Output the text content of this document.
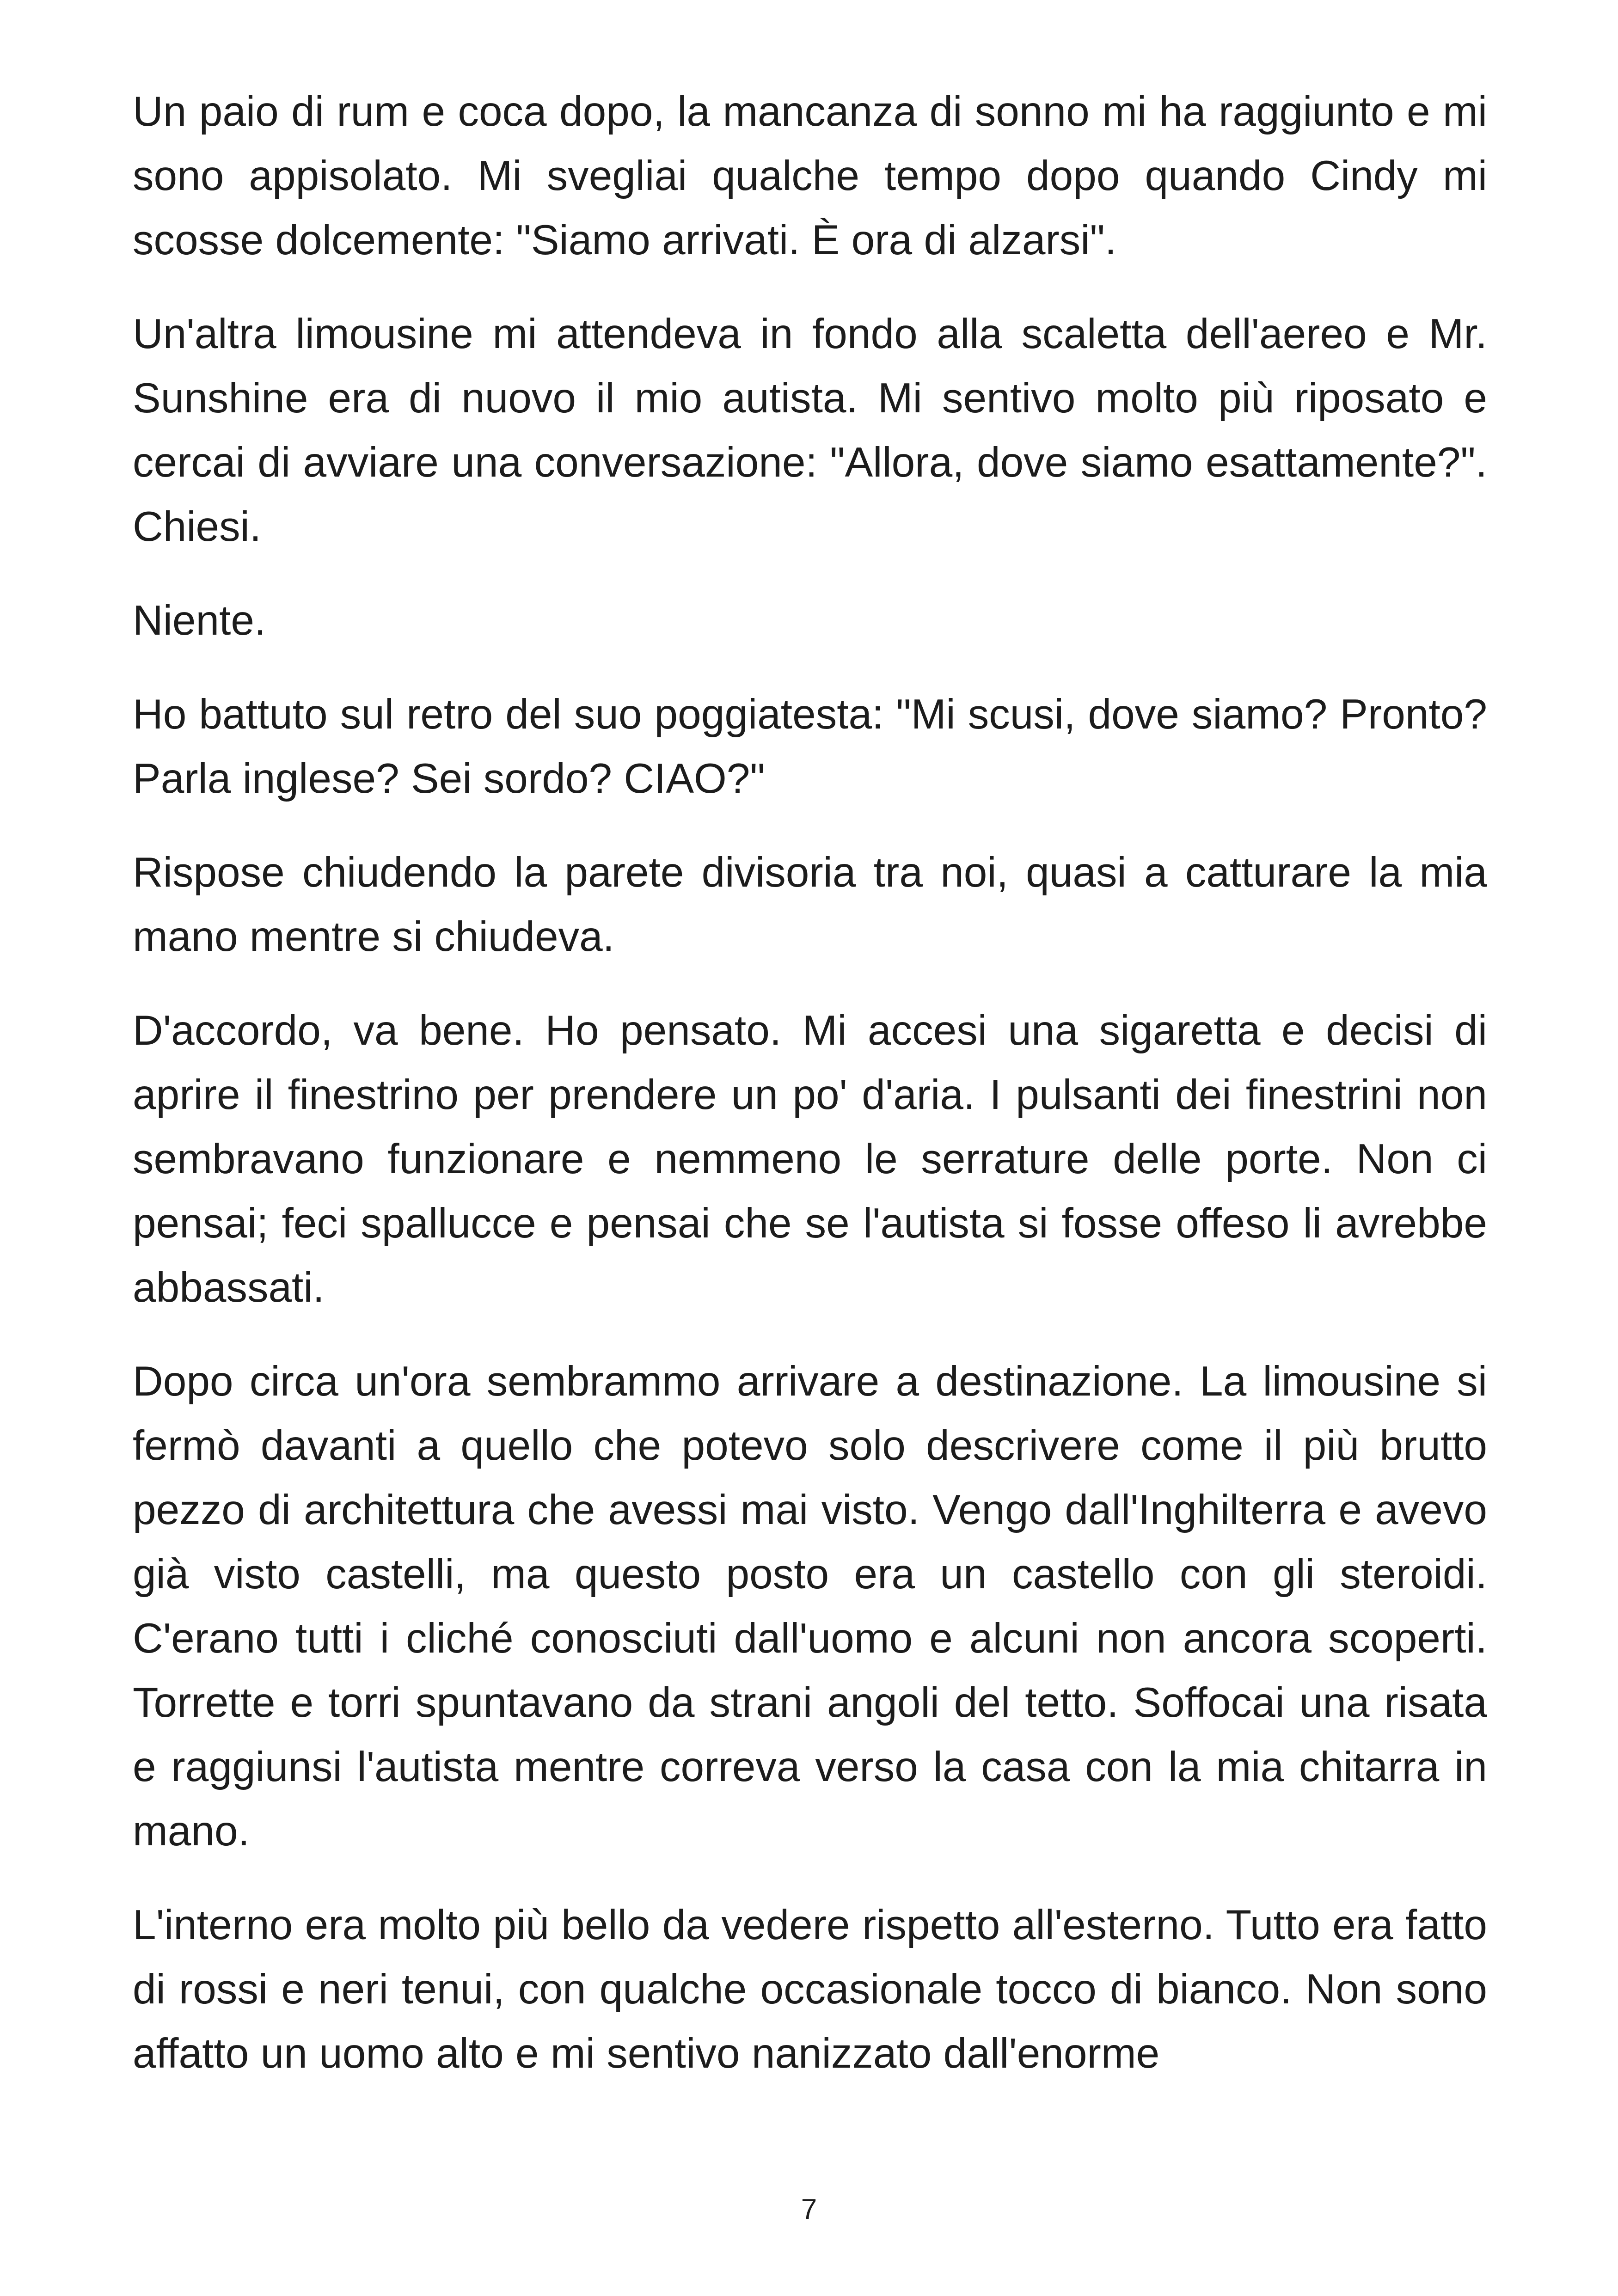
Un paio di rum e coca dopo, la mancanza di sonno mi ha raggiunto e mi sono appisolato. Mi svegliai qualche tempo dopo quando Cindy mi scosse dolcemente: "Siamo arrivati. È ora di alzarsi".

Un'altra limousine mi attendeva in fondo alla scaletta dell'aereo e Mr. Sunshine era di nuovo il mio autista. Mi sentivo molto più riposato e cercai di avviare una conversazione: "Allora, dove siamo esattamente?". Chiesi.

Niente.

Ho battuto sul retro del suo poggiatesta: "Mi scusi, dove siamo? Pronto? Parla inglese? Sei sordo? CIAO?"

Rispose chiudendo la parete divisoria tra noi, quasi a catturare la mia mano mentre si chiudeva.

D'accordo, va bene. Ho pensato. Mi accesi una sigaretta e decisi di aprire il finestrino per prendere un po' d'aria. I pulsanti dei finestrini non sembravano funzionare e nemmeno le serrature delle porte. Non ci pensai; feci spallucce e pensai che se l'autista si fosse offeso li avrebbe abbassati.

Dopo circa un'ora sembrammo arrivare a destinazione. La limousine si fermò davanti a quello che potevo solo descrivere come il più brutto pezzo di architettura che avessi mai visto. Vengo dall'Inghilterra e avevo già visto castelli, ma questo posto era un castello con gli steroidi. C'erano tutti i cliché conosciuti dall'uomo e alcuni non ancora scoperti. Torrette e torri spuntavano da strani angoli del tetto. Soffocai una risata e raggiunsi l'autista mentre correva verso la casa con la mia chitarra in mano.

L'interno era molto più bello da vedere rispetto all'esterno. Tutto era fatto di rossi e neri tenui, con qualche occasionale tocco di bianco. Non sono affatto un uomo alto e mi sentivo nanizzato dall'enorme

7
